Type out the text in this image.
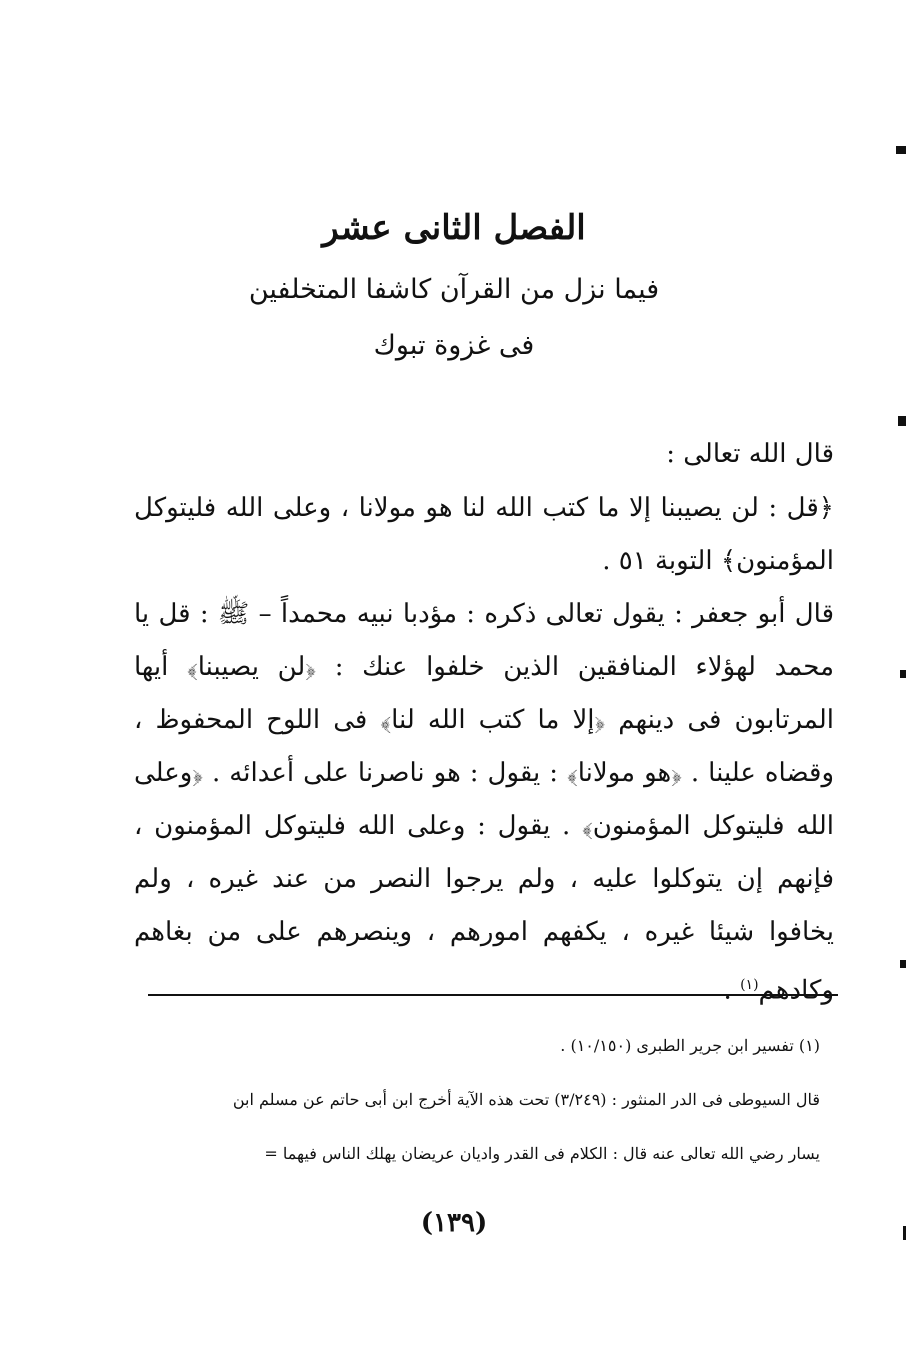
الفصل الثانى عشر
فيما نزل من القرآن كاشفا المتخلفين
فى غزوة تبوك
قال الله تعالى :
﴿قل : لن يصيبنا إلا ما كتب الله لنا هو مولانا ، وعلى الله فليتوكل المؤمنون﴾ التوبة ٥١ .
قال أبو جعفر : يقول تعالى ذكره : مؤدبا نبيه محمداً – ﷺ : قل يا محمد لهؤلاء المنافقين الذين خلفوا عنك : ﴿لن يصيبنا﴾ أيها المرتابون فى دينهم ﴿إلا ما كتب الله لنا﴾ فى اللوح المحفوظ ، وقضاه علينا . ﴿هو مولانا﴾ : يقول : هو ناصرنا على أعدائه . ﴿وعلى الله فليتوكل المؤمنون﴾ . يقول : وعلى الله فليتوكل المؤمنون ، فإنهم إن يتوكلوا عليه ، ولم يرجوا النصر من عند غيره ، ولم يخافوا شيئا غيره ، يكفهم امورهم ، وينصرهم على من بغاهم وكادهم$^{(١)}$ .
(١) تفسير ابن جرير الطبرى (١٠/١٥٠) .
قال السيوطى فى الدر المنثور : (٣/٢٤٩) تحت هذه الآية أخرج ابن أبى حاتم عن مسلم ابن
يسار رضي الله تعالى عنه قال : الكلام فى القدر واديان عريضان يهلك الناس فيهما =
(١٣٩)
